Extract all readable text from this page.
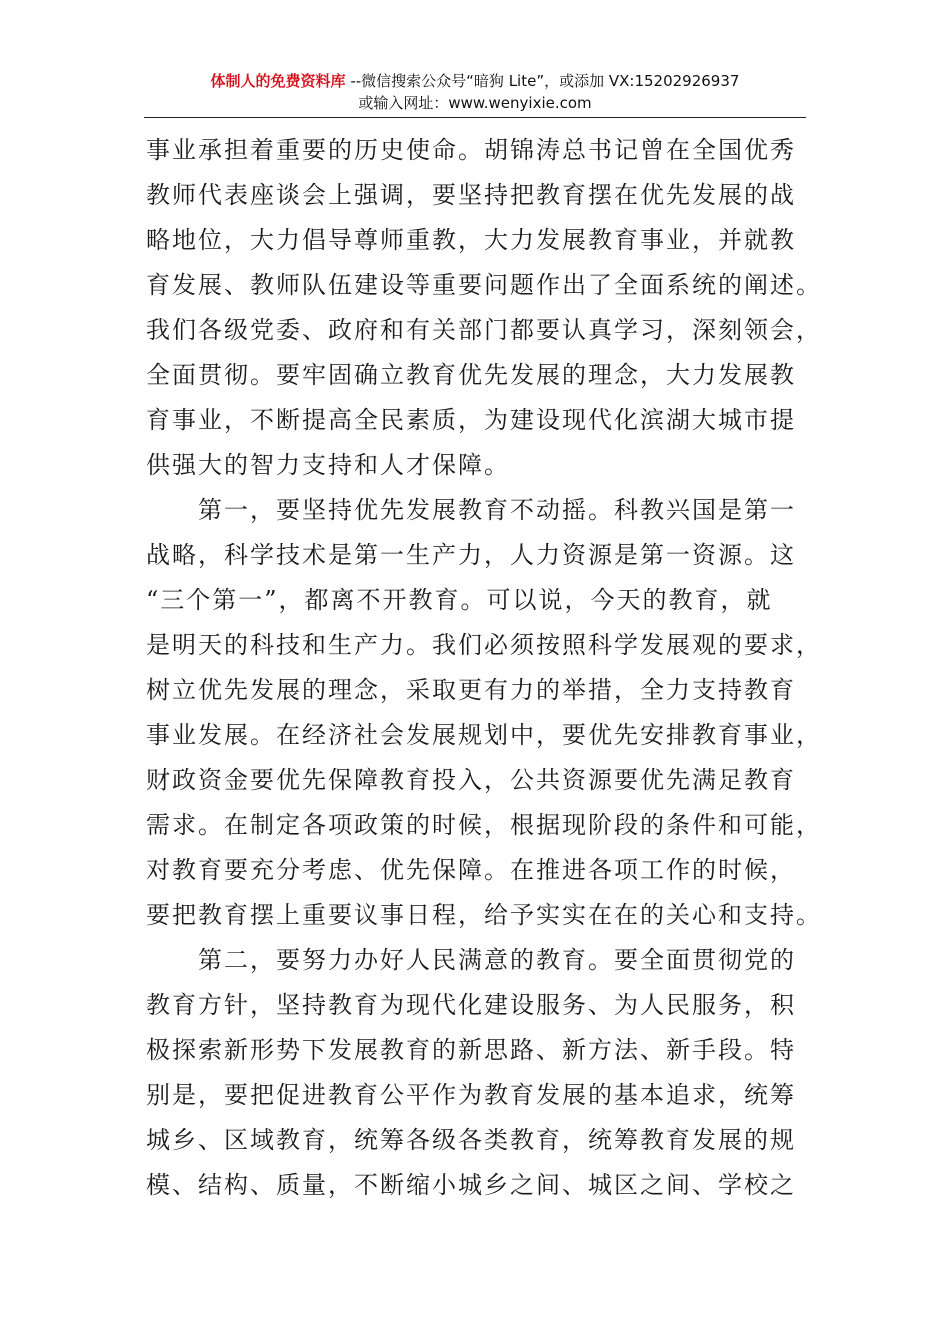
体制人的免费资料库 --微信搜索公众号“暗狗 Lite”，或添加 VX:15202926937
或输入网址：www.wenyixie.com
事业承担着重要的历史使命。胡锦涛总书记曾在全国优秀
教师代表座谈会上强调，要坚持把教育摆在优先发展的战
略地位，大力倡导尊师重教，大力发展教育事业，并就教
育发展、教师队伍建设等重要问题作出了全面系统的阐述。
我们各级党委、政府和有关部门都要认真学习，深刻领会，
全面贯彻。要牢固确立教育优先发展的理念，大力发展教
育事业，不断提高全民素质，为建设现代化滨湖大城市提
供强大的智力支持和人才保障。
第一，要坚持优先发展教育不动摇。科教兴国是第一
战略，科学技术是第一生产力，人力资源是第一资源。这
“三个第一”，都离不开教育。可以说，今天的教育，就
是明天的科技和生产力。我们必须按照科学发展观的要求，
树立优先发展的理念，采取更有力的举措，全力支持教育
事业发展。在经济社会发展规划中，要优先安排教育事业，
财政资金要优先保障教育投入，公共资源要优先满足教育
需求。在制定各项政策的时候，根据现阶段的条件和可能，
对教育要充分考虑、优先保障。在推进各项工作的时候，
要把教育摆上重要议事日程，给予实实在在的关心和支持。
第二，要努力办好人民满意的教育。要全面贯彻党的
教育方针，坚持教育为现代化建设服务、为人民服务，积
极探索新形势下发展教育的新思路、新方法、新手段。特
别是，要把促进教育公平作为教育发展的基本追求，统筹
城乡、区域教育，统筹各级各类教育，统筹教育发展的规
模、结构、质量，不断缩小城乡之间、城区之间、学校之
